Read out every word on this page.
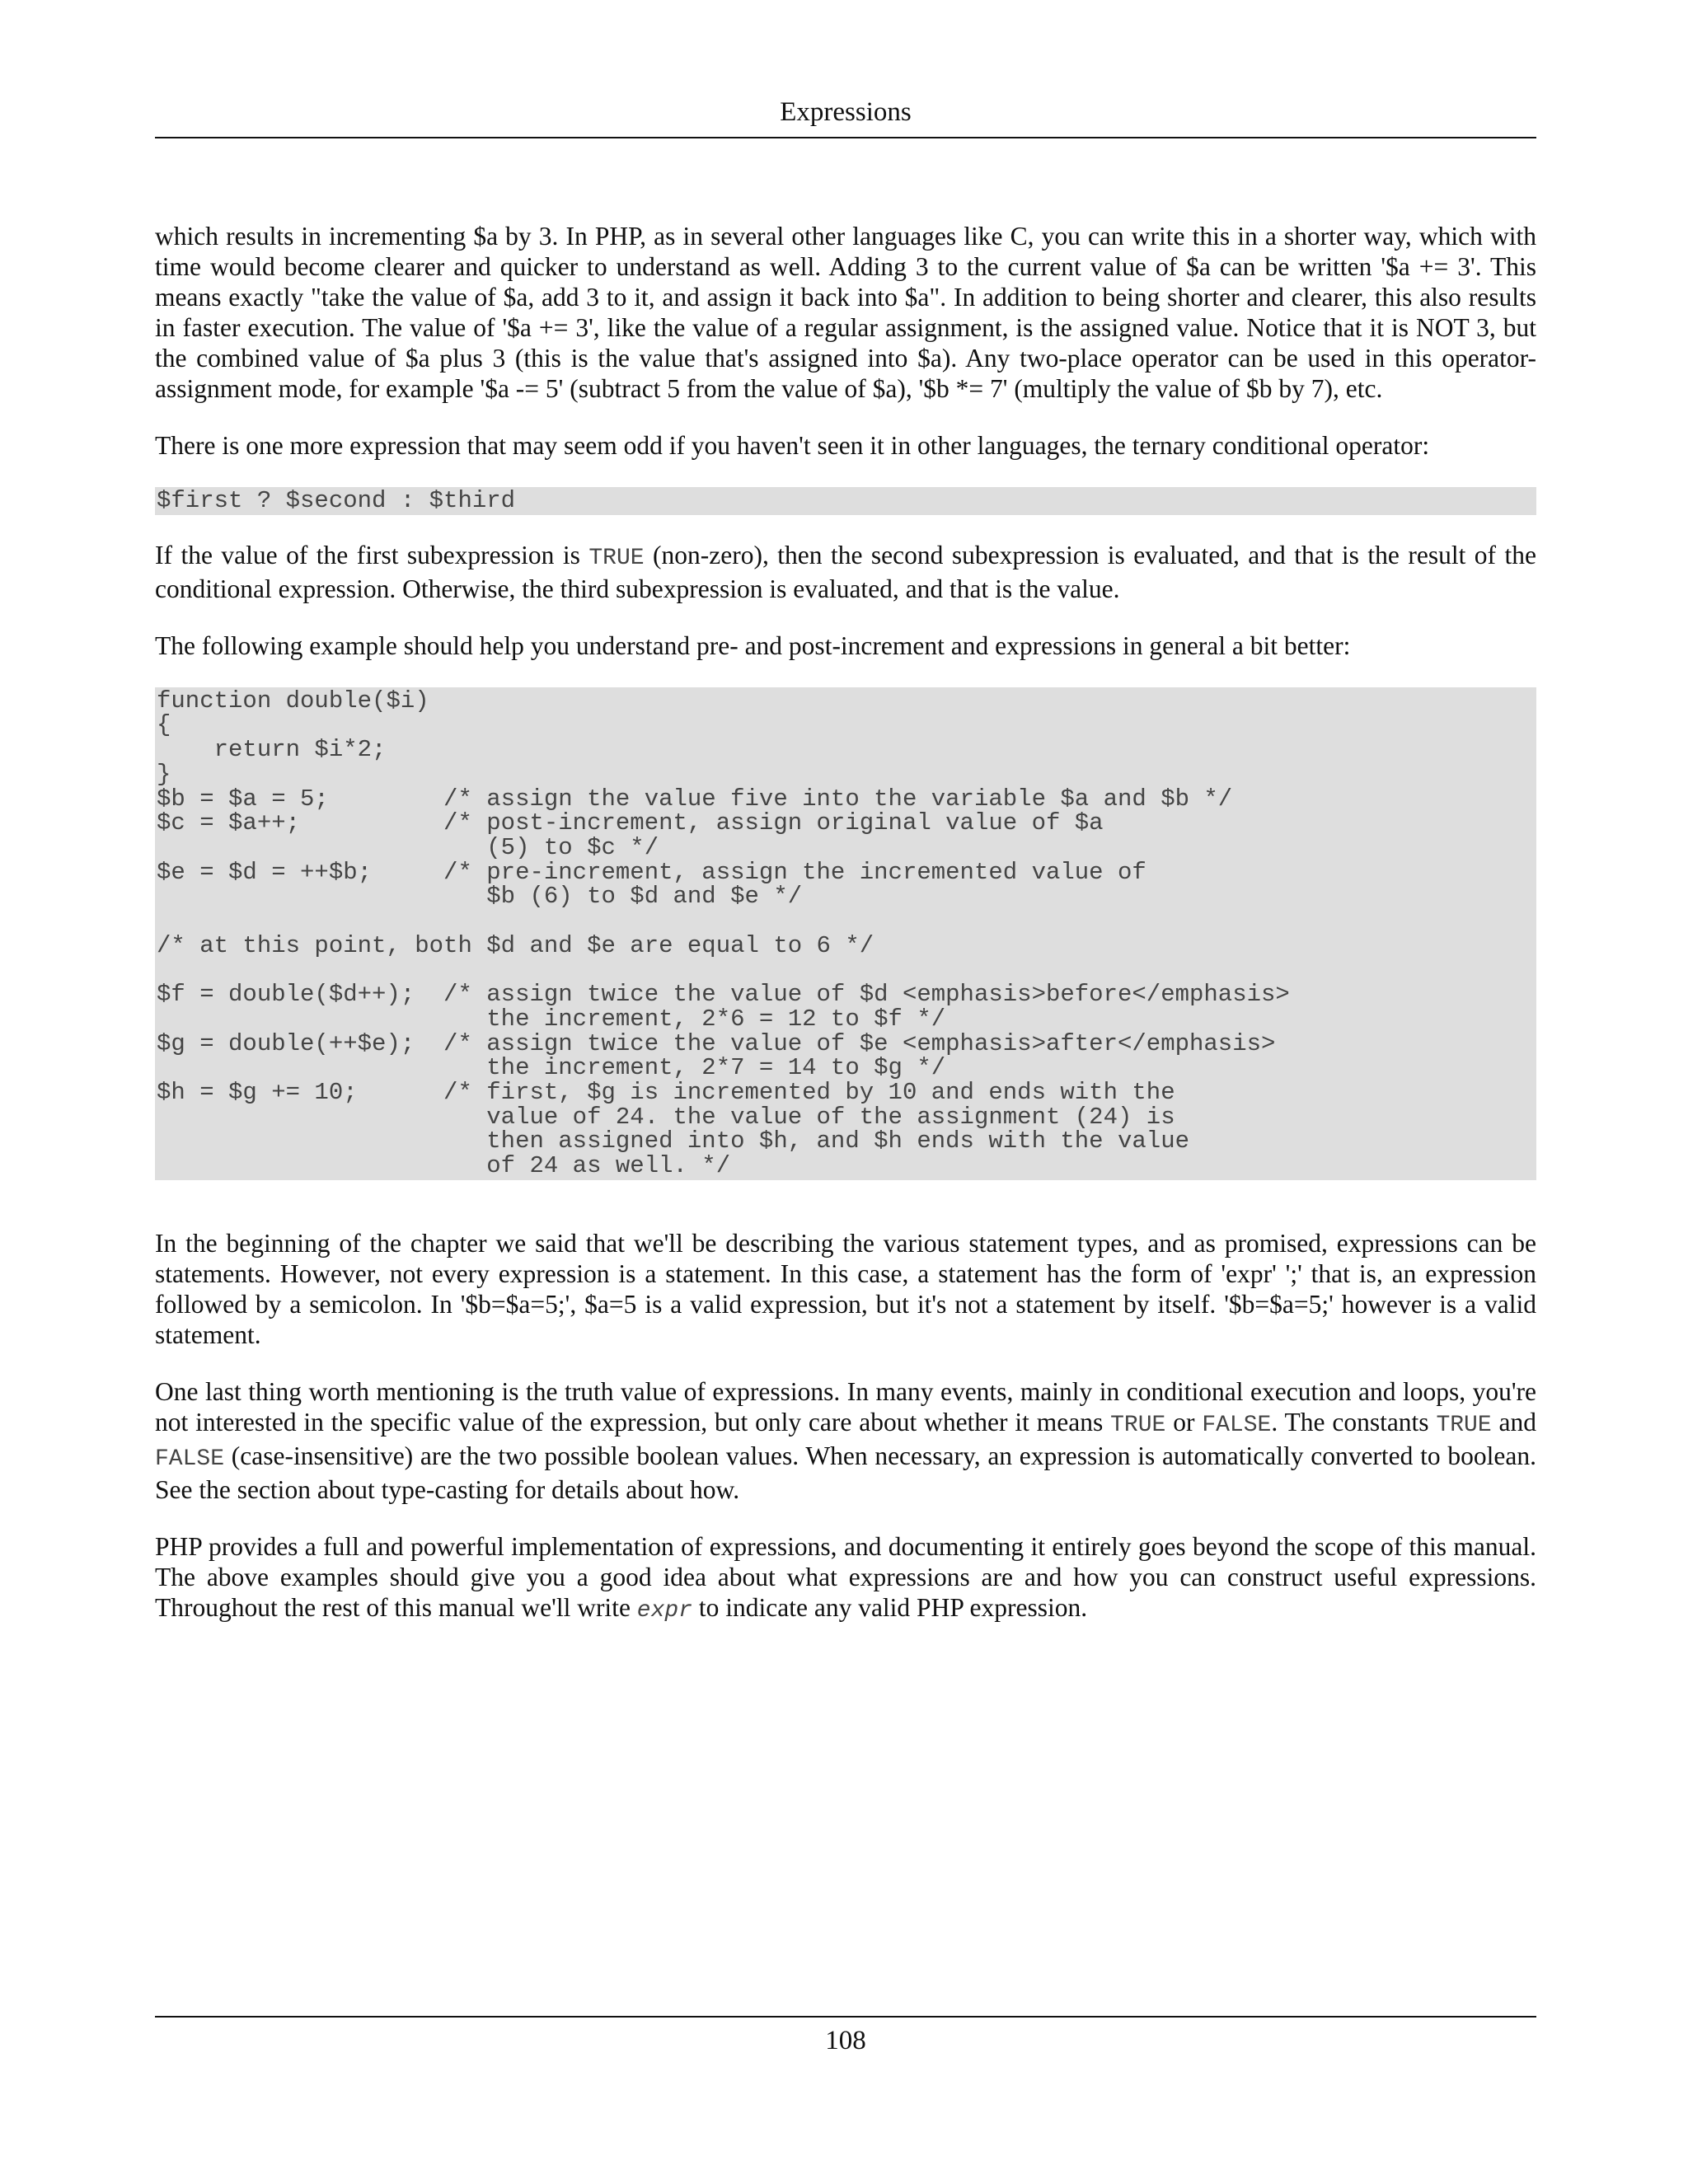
Expressions

which results in incrementing $a by 3. In PHP, as in several other languages like C, you can write this in a shorter way, which with time would become clearer and quicker to understand as well. Adding 3 to the current value of $a can be written '$a += 3'. This means exactly "take the value of $a, add 3 to it, and assign it back into $a". In addition to being shorter and clearer, this also results in faster execution. The value of '$a += 3', like the value of a regular assignment, is the assigned value. Notice that it is NOT 3, but the combined value of $a plus 3 (this is the value that's assigned into $a). Any two-place operator can be used in this operator-assignment mode, for example '$a -= 5' (subtract 5 from the value of $a), '$b *= 7' (multiply the value of $b by 7), etc.

There is one more expression that may seem odd if you haven't seen it in other languages, the ternary conditional operator:

$first ? $second : $third

If the value of the first subexpression is TRUE (non-zero), then the second subexpression is evaluated, and that is the result of the conditional expression. Otherwise, the third subexpression is evaluated, and that is the value.

The following example should help you understand pre- and post-increment and expressions in general a bit better:

function double($i)
{
return $i*2;
}
$b = $a = 5;        /* assign the value five into the variable $a and $b */
$c = $a++;          /* post-increment, assign original value of $a
(5) to $c */
$e = $d = ++$b;     /* pre-increment, assign the incremented value of
$b (6) to $d and $e */

/* at this point, both $d and $e are equal to 6 */

$f = double($d++);  /* assign twice the value of $d <emphasis>before</emphasis>
the increment, 2*6 = 12 to $f */
$g = double(++$e);  /* assign twice the value of $e <emphasis>after</emphasis>
the increment, 2*7 = 14 to $g */
$h = $g += 10;      /* first, $g is incremented by 10 and ends with the
value of 24. the value of the assignment (24) is
then assigned into $h, and $h ends with the value
of 24 as well. */

In the beginning of the chapter we said that we'll be describing the various statement types, and as promised, expressions can be statements. However, not every expression is a statement. In this case, a statement has the form of 'expr' ';' that is, an expression followed by a semicolon. In '$b=$a=5;', $a=5 is a valid expression, but it's not a statement by itself. '$b=$a=5;' however is a valid statement.

One last thing worth mentioning is the truth value of expressions. In many events, mainly in conditional execution and loops, you're not interested in the specific value of the expression, but only care about whether it means TRUE or FALSE. The constants TRUE and FALSE (case-insensitive) are the two possible boolean values. When necessary, an expression is automatically converted to boolean. See the section about type-casting for details about how.

PHP provides a full and powerful implementation of expressions, and documenting it entirely goes beyond the scope of this manual. The above examples should give you a good idea about what expressions are and how you can construct useful expressions. Throughout the rest of this manual we'll write expr to indicate any valid PHP expression.

108
